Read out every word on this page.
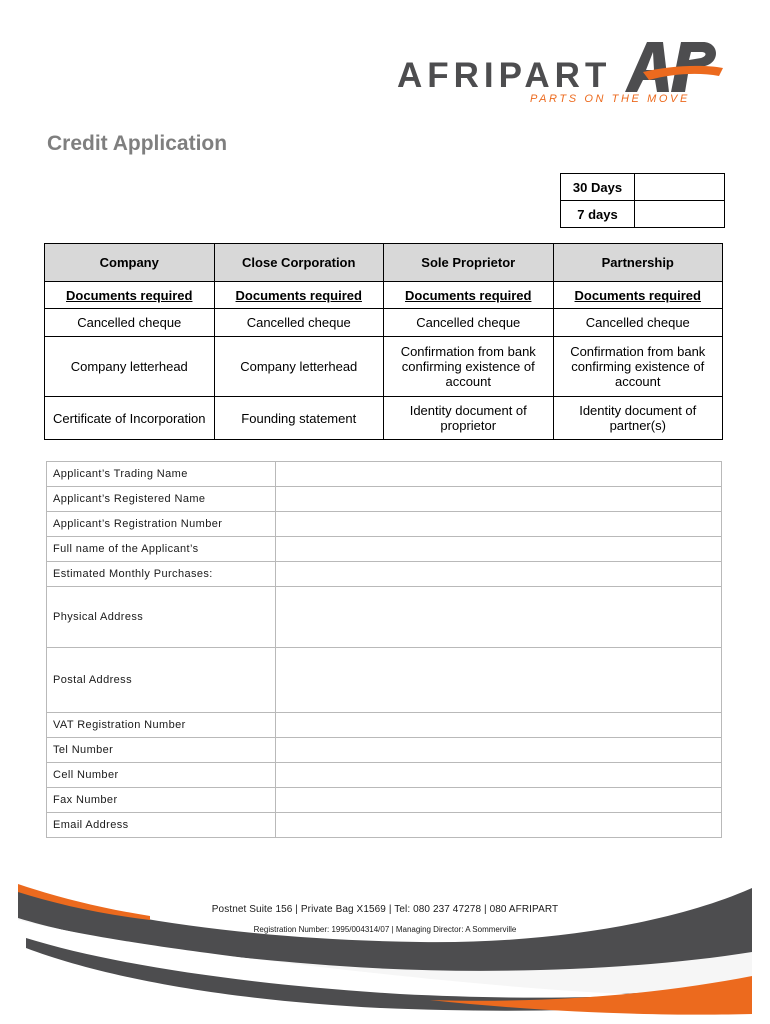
AFRIPART
PARTS ON THE MOVE
Credit Application
30 Days	
7 days	
Company	Close Corporation	Sole Proprietor	Partnership
Documents required	Documents required	Documents required	Documents required
Cancelled cheque	Cancelled cheque	Cancelled cheque	Cancelled cheque
Company letterhead	Company letterhead	Confirmation from bank confirming existence of account	Confirmation from bank confirming existence of account
Certificate of Incorporation	Founding statement	Identity document of proprietor	Identity document of partner(s)
Applicant’s Trading Name	
Applicant’s Registered Name	
Applicant’s Registration Number	
Full name of the Applicant’s	
Estimated Monthly Purchases:	
Physical Address	
Postal Address	
VAT Registration Number	
Tel Number	
Cell Number	
Fax Number	
Email Address	
Postnet Suite 156 | Private Bag X1569 | Tel: 080 237 47278 | 080 AFRIPART
Registration Number: 1995/004314/07 | Managing Director: A Sommerville
